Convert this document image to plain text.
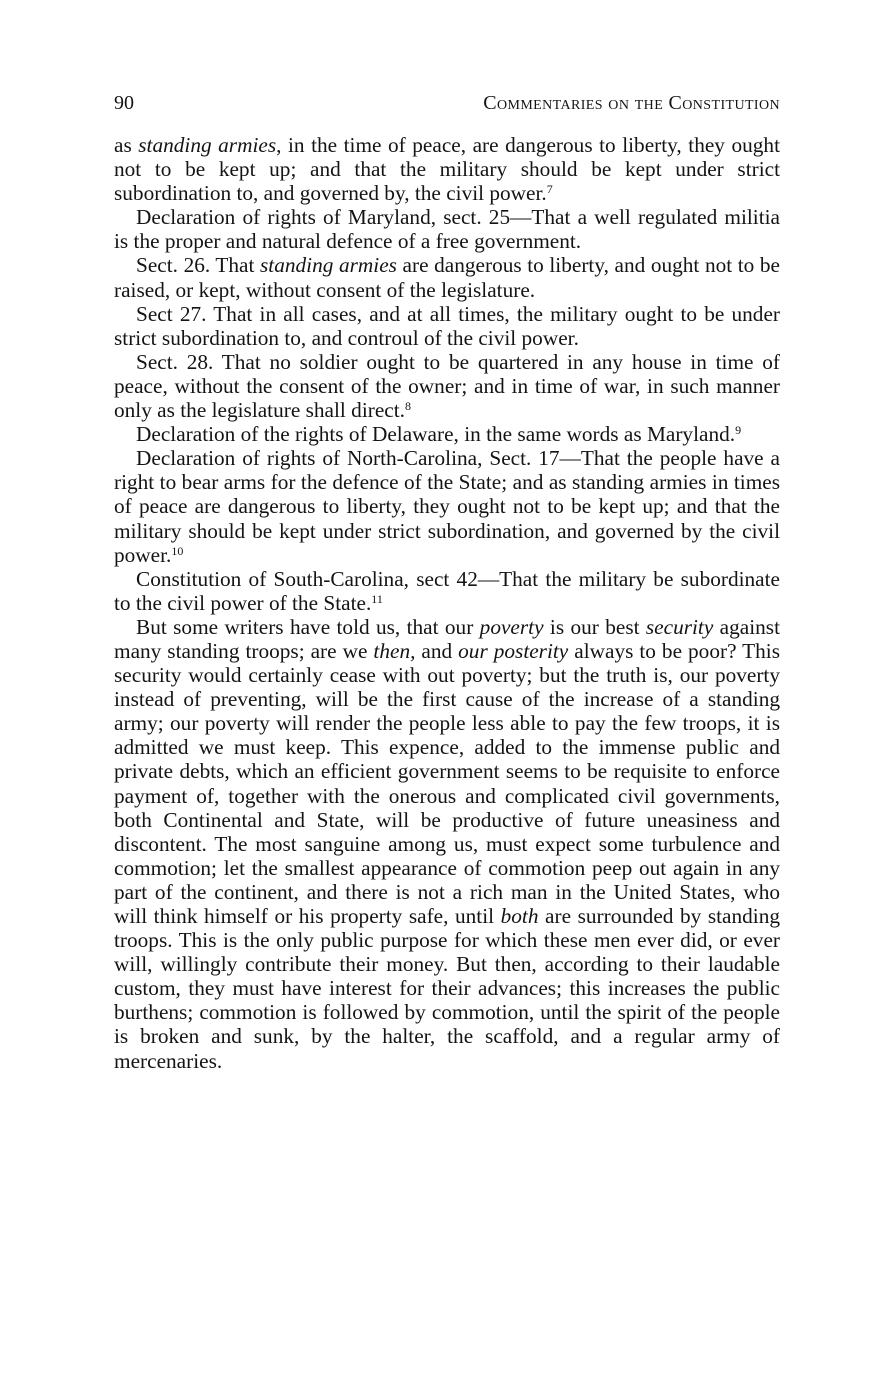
90	Commentaries on the Constitution

as standing armies, in the time of peace, are dangerous to liberty, they ought not to be kept up; and that the military should be kept under strict subordination to, and governed by, the civil power.$^7$

Declaration of rights of Maryland, sect. 25—That a well regulated militia is the proper and natural defence of a free government.

Sect. 26. That standing armies are dangerous to liberty, and ought not to be raised, or kept, without consent of the legislature.

Sect 27. That in all cases, and at all times, the military ought to be under strict subordination to, and controul of the civil power.

Sect. 28. That no soldier ought to be quartered in any house in time of peace, without the consent of the owner; and in time of war, in such manner only as the legislature shall direct.$^8$

Declaration of the rights of Delaware, in the same words as Maryland.$^9$

Declaration of rights of North-Carolina, Sect. 17—That the people have a right to bear arms for the defence of the State; and as standing armies in times of peace are dangerous to liberty, they ought not to be kept up; and that the military should be kept under strict subordination, and governed by the civil power.$^{10}$

Constitution of South-Carolina, sect 42—That the military be subordinate to the civil power of the State.$^{11}$

But some writers have told us, that our poverty is our best security against many standing troops; are we then, and our posterity always to be poor? This security would certainly cease with out poverty; but the truth is, our poverty instead of preventing, will be the first cause of the increase of a standing army; our poverty will render the people less able to pay the few troops, it is admitted we must keep. This expence, added to the immense public and private debts, which an efficient government seems to be requisite to enforce payment of, together with the onerous and complicated civil governments, both Continental and State, will be productive of future uneasiness and discontent. The most sanguine among us, must expect some turbulence and commotion; let the smallest appearance of commotion peep out again in any part of the continent, and there is not a rich man in the United States, who will think himself or his property safe, until both are surrounded by standing troops. This is the only public purpose for which these men ever did, or ever will, willingly contribute their money. But then, according to their laudable custom, they must have interest for their advances; this increases the public burthens; commotion is followed by commotion, until the spirit of the people is broken and sunk, by the halter, the scaffold, and a regular army of mercenaries.
